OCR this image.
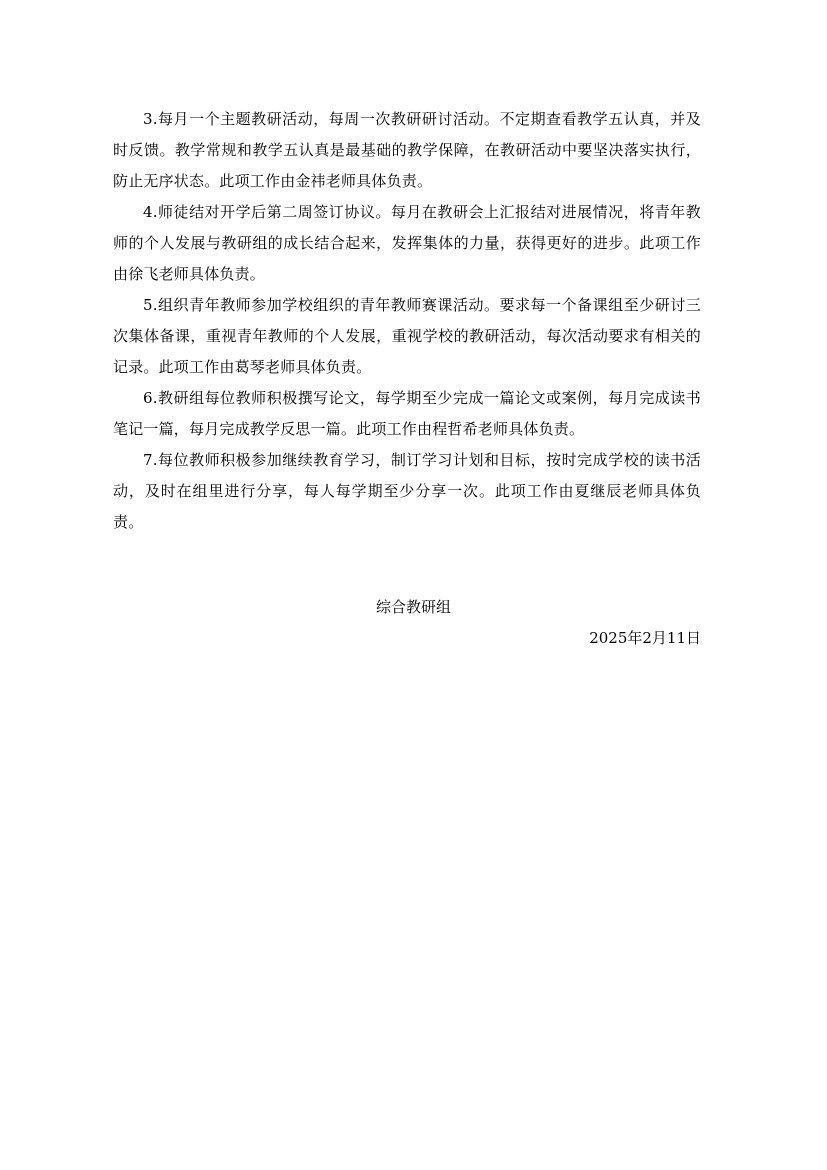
3.每月一个主题教研活动，每周一次教研研讨活动。不定期查看教学五认真，并及时反馈。教学常规和教学五认真是最基础的教学保障，在教研活动中要坚决落实执行，防止无序状态。此项工作由金祎老师具体负责。

4.师徒结对开学后第二周签订协议。每月在教研会上汇报结对进展情况，将青年教师的个人发展与教研组的成长结合起来，发挥集体的力量，获得更好的进步。此项工作由徐飞老师具体负责。

5.组织青年教师参加学校组织的青年教师赛课活动。要求每一个备课组至少研讨三次集体备课，重视青年教师的个人发展，重视学校的教研活动，每次活动要求有相关的记录。此项工作由葛琴老师具体负责。

6.教研组每位教师积极撰写论文，每学期至少完成一篇论文或案例，每月完成读书笔记一篇，每月完成教学反思一篇。此项工作由程哲希老师具体负责。

7.每位教师积极参加继续教育学习，制订学习计划和目标，按时完成学校的读书活动，及时在组里进行分享，每人每学期至少分享一次。此项工作由夏继辰老师具体负责。

综合教研组

2025年2月11日
